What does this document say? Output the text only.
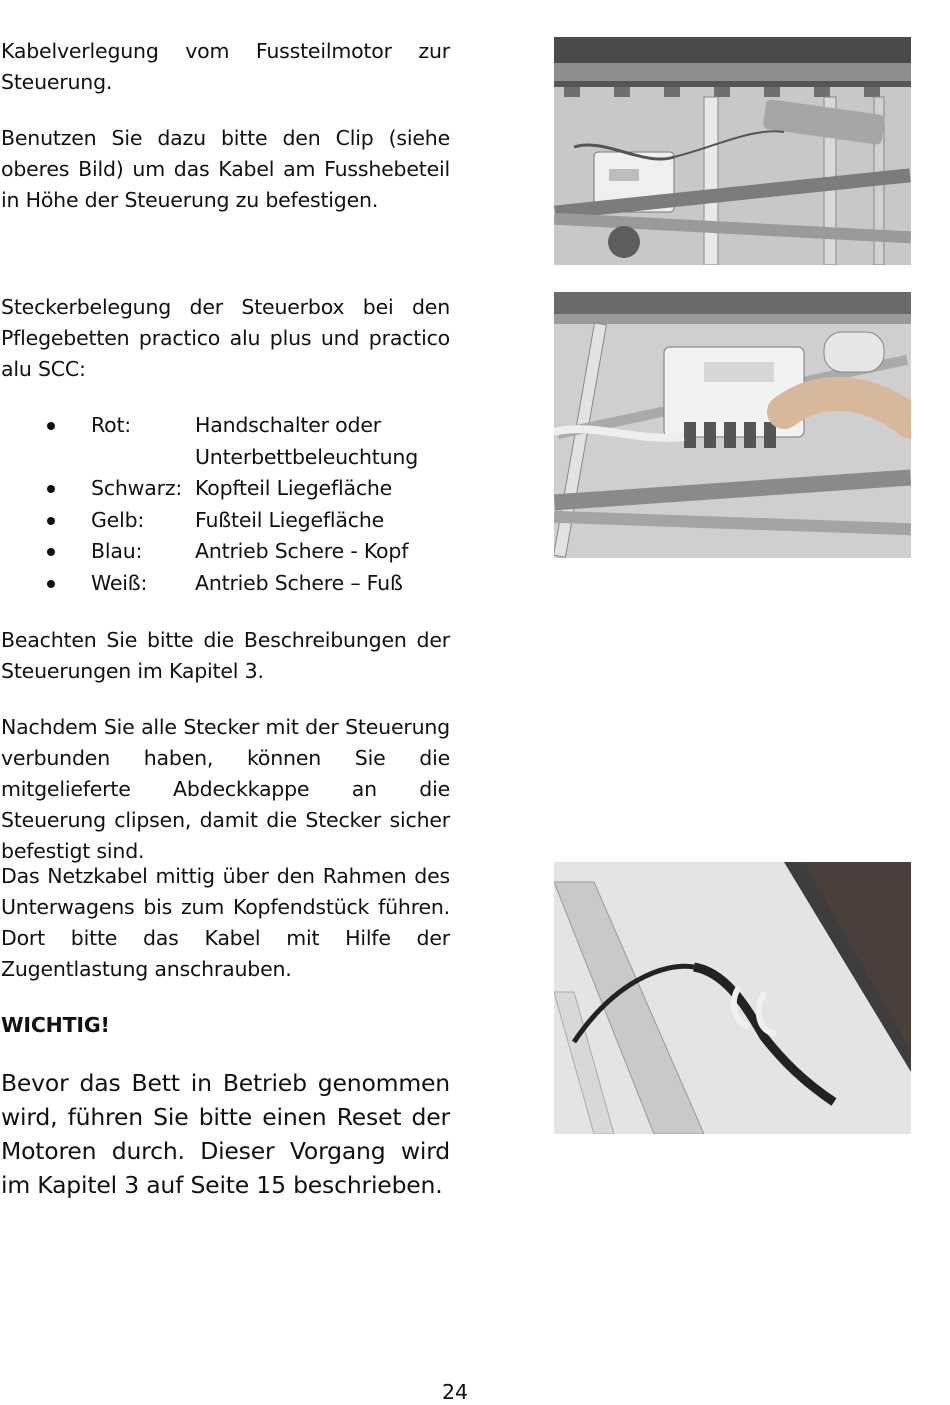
Kabelverlegung vom Fussteilmotor zur Steuerung.

Benutzen Sie dazu bitte den Clip (siehe oberes Bild) um das Kabel am Fusshebeteil in Höhe der Steuerung zu befestigen.

Steckerbelegung der Steuerbox bei den Pflegebetten practico alu plus und practico alu SCC:

Rot:	Handschalter oder Unterbettbeleuchtung
Schwarz: Kopfteil Liegefläche
Gelb: Fußteil Liegefläche
Blau:	Antrieb Schere - Kopf
Weiß: Antrieb Schere – Fuß

Beachten Sie bitte die Beschreibungen der Steuerungen im Kapitel 3.

Nachdem Sie alle Stecker mit der Steuerung verbunden haben, können Sie die mitgelieferte Abdeckkappe an die Steuerung clipsen, damit die Stecker sicher befestigt sind.

Das Netzkabel mittig über den Rahmen des Unterwagens bis zum Kopfendstück führen. Dort bitte das Kabel mit Hilfe der Zugentlastung anschrauben.

WICHTIG!

Bevor das Bett in Betrieb genommen wird, führen Sie bitte einen Reset der Motoren durch. Dieser Vorgang wird im Kapitel 3 auf Seite 15 beschrieben.

24
